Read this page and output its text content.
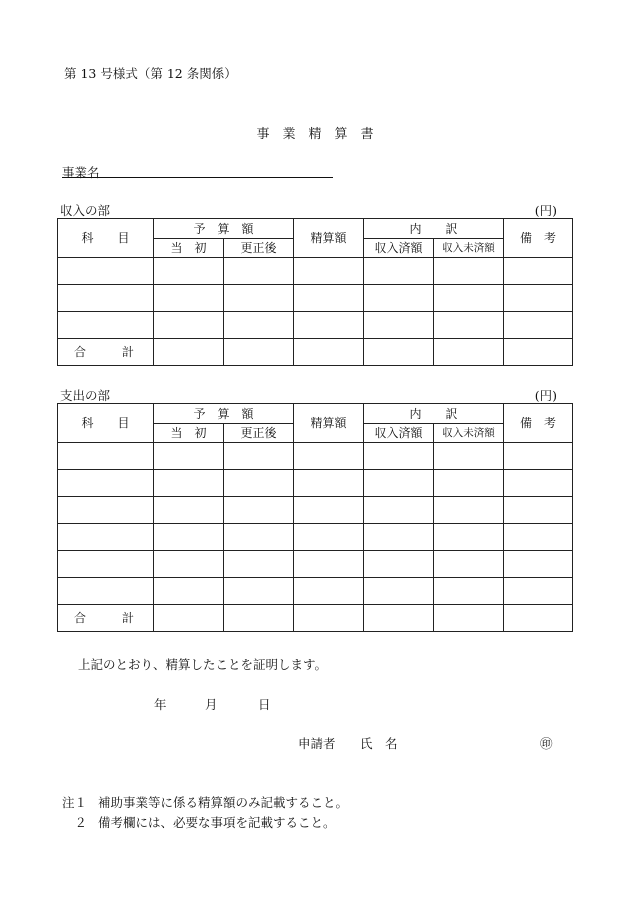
第 13 号様式（第 12 条関係）
事　業　精　算　書
事業名
収入の部	(円)
科　　目	予　算　額		精算額	内　　訳		備　考
	当　初	更正後		収入済額	収入未済額	

合　　　計						
支出の部	(円)
科　　目	予　算　額		精算額	内　　訳		備　考
	当　初	更正後		収入済額	収入未済額	

合　　　計						
上記のとおり、精算したことを証明します。
年	月	日
申請者 氏　名	㊞
注１ 補助事業等に係る精算額のみ記載すること。
　２ 備考欄には、必要な事項を記載すること。
